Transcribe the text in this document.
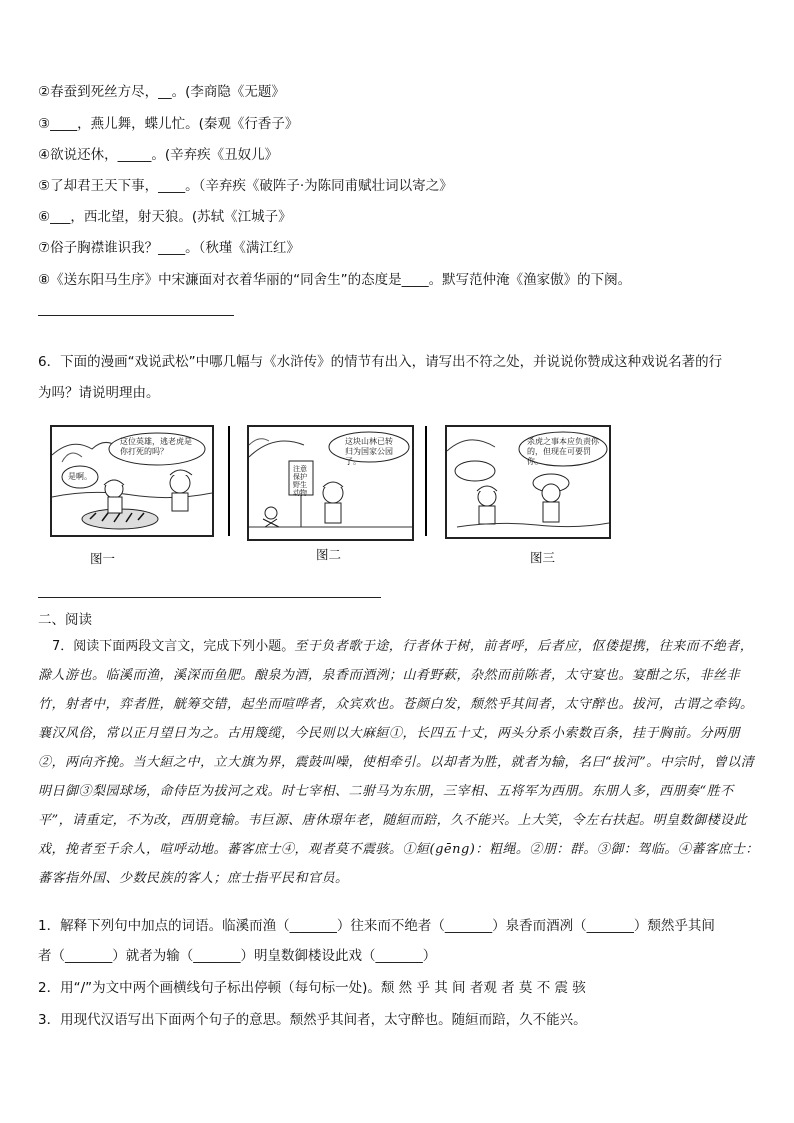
②春蚕到死丝方尽，__。(李商隐《无题》
③____，燕儿舞，蝶儿忙。(秦观《行香子》
④欲说还休，_____。(辛弃疾《丑奴儿》
⑤了却君王天下事，____。（辛弃疾《破阵子·为陈同甫赋壮词以寄之》
⑥___，西北望，射天狼。(苏轼《江城子》
⑦俗子胸襟谁识我？____。（秋瑾《满江红》
⑧《送东阳马生序》中宋濂面对衣着华丽的“同舍生”的态度是____。默写范仲淹《渔家傲》的下阕。
6．下面的漫画“戏说武松”中哪几幅与《水浒传》的情节有出入，请写出不符之处，并说说你赞成这种戏说名著的行
为吗？请说明理由。
这位英雄，逃老虎是你打死的吗？
是啊。
这块山林已转归为国家公园了。
注意保护野生动物
杀虎之事本应负责你的，但现在可要罚你。
图一	图二	图三
二、阅读
7．阅读下面两段文言文，完成下列小题。至于负者歌于途，行者休于树，前者呼，后者应，伛偻提携，往来而不绝者，滁人游也。临溪而渔，溪深而鱼肥。酿泉为酒，泉香而酒洌；山肴野蔌，杂然而前陈者，太守宴也。宴酣之乐，非丝非竹，射者中，弈者胜，觥筹交错，起坐而喧哗者，众宾欢也。苍颜白发，颓然乎其间者，太守醉也。拔河，古谓之牵钩。襄汉风俗，常以正月望日为之。古用篾缆，今民则以大麻絙①，长四五十丈，两头分系小索数百条，挂于胸前。分两朋②，两向齐挽。当大絙之中，立大旗为界，震鼓叫噪，使相牵引。以却者为胜，就者为输，名曰“拔河”。中宗时，曾以清明日御③梨园球场，命侍臣为拔河之戏。时七宰相、二驸马为东朋，三宰相、五将军为西朋。东朋人多，西朋奏“胜不平”，请重定，不为改，西朋竟输。韦巨源、唐休璟年老，随絙而踣，久不能兴。上大笑，令左右扶起。明皇数御楼设此戏，挽者至千余人，喧呼动地。蕃客庶士④，观者莫不震骇。①絙(gēng)：粗绳。②朋：群。③御：驾临。④蕃客庶士：蕃客指外国、少数民族的客人；庶士指平民和官员。
1．解释下列句中加点的词语。临溪而渔（_______）往来而不绝者（_______）泉香而酒冽（_______）颓然乎其间
者（_______）就者为输（_______）明皇数御楼设此戏（_______）
2．用“/”为文中两个画横线句子标出停顿（每句标一处)。颓 然 乎 其 间 者观 者 莫 不 震 骇
3．用现代汉语写出下面两个句子的意思。颓然乎其间者，太守醉也。随絙而踣，久不能兴。
